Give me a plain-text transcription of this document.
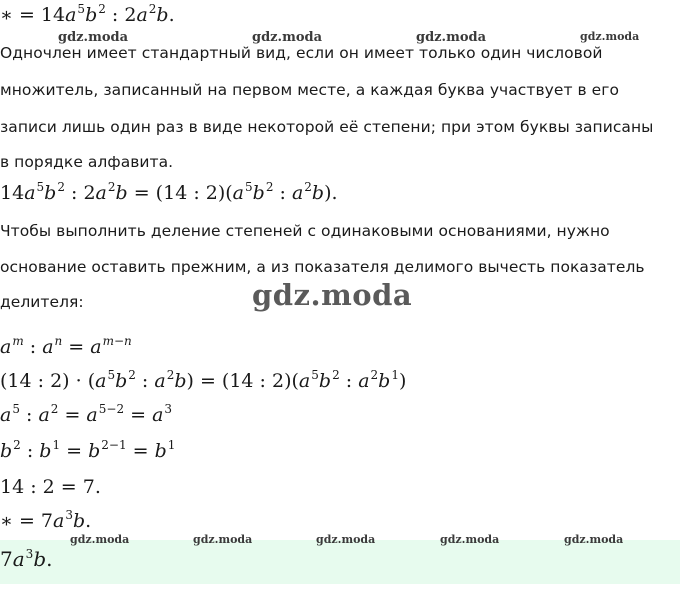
∗ = $14a^5b^2$ : $2a^2b$.
gdz.moda	gdz.moda	gdz.moda	gdz.moda
Одночлен имеет стандартный вид, если он имеет только один числовой
множитель, записанный на первом месте, а каждая буква участвует в его
записи лишь один раз в виде некоторой её степени; при этом буквы записаны
в порядке алфавита.
$14a^5b^2$ : $2a^2b = (14$ : $2)(a^5b^2$ : $a^2b$).
Чтобы выполнить деление степеней с одинаковыми основаниями, нужно
основание оставить прежним, а из показателя делимого вычесть показатель
делителя:	gdz.moda
$a^m$ : $a^n = a^{m-n}$
(14 : $2) \cdot (a^5b^2$ : $a^2b) = (14$ : $2)(a^5b^2$ : $a^2b^1$)
$a^5$ : $a^2 = a^{5-2} = a^3$
$b^2$ : $b^1 = b^{2-1} = b^1$
14 : 2 = 7.
∗ = $7a^3b$.
gdz.moda	gdz.moda	gdz.moda	gdz.moda	gdz.moda
$7a^3b$.
